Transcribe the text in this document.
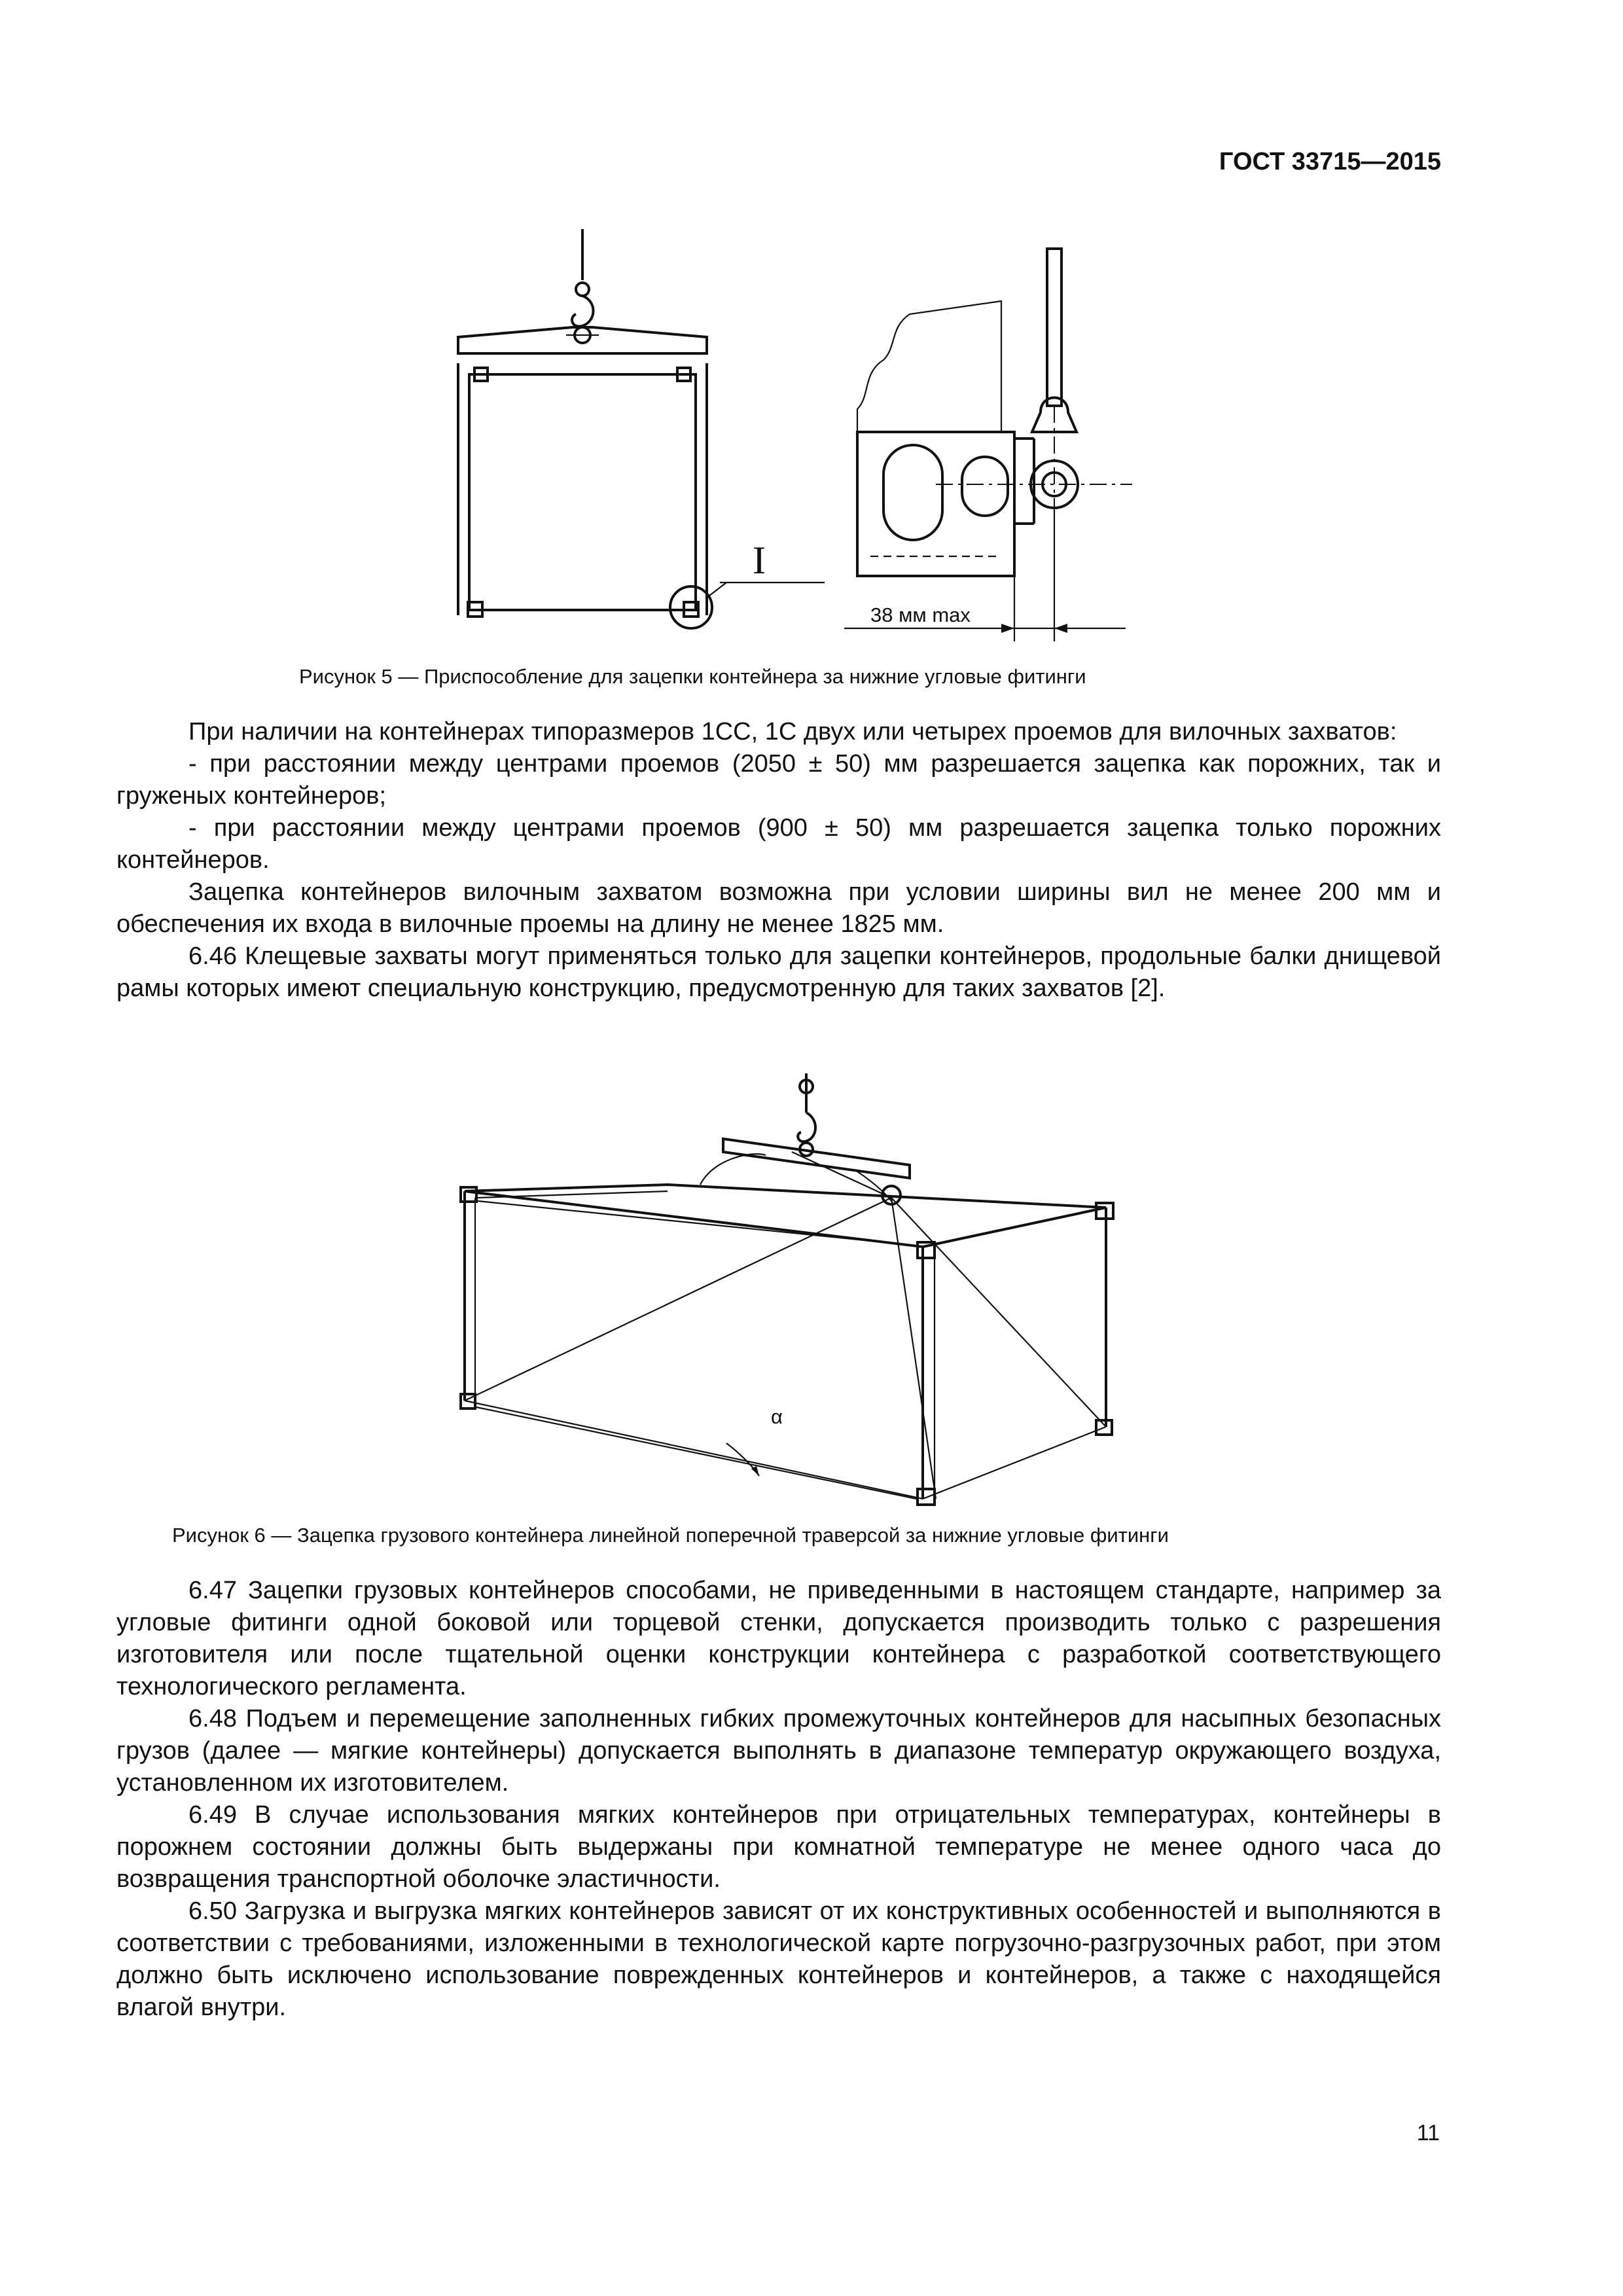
ГОСТ 33715—2015
I
38 мм max
Рисунок 5 — Приспособление для зацепки контейнера за нижние угловые фитинги

При наличии на контейнерах типоразмеров 1СС, 1С двух или четырех проемов для вилочных захватов:

- при расстоянии между центрами проемов (2050 ± 50) мм разрешается зацепка как порожних, так и груженых контейнеров;

- при расстоянии между центрами проемов (900 ± 50) мм разрешается зацепка только порожних контейнеров.

Зацепка контейнеров вилочным захватом возможна при условии ширины вил не менее 200 мм и обеспечения их входа в вилочные проемы на длину не менее 1825 мм.

6.46 Клещевые захваты могут применяться только для зацепки контейнеров, продольные балки днищевой рамы которых имеют специальную конструкцию, предусмотренную для таких захватов [2].

α
Рисунок 6 — Зацепка грузового контейнера линейной поперечной траверсой за нижние угловые фитинги

6.47 Зацепки грузовых контейнеров способами, не приведенными в настоящем стандарте, например за угловые фитинги одной боковой или торцевой стенки, допускается производить только с разрешения изготовителя или после тщательной оценки конструкции контейнера с разработкой соответствующего технологического регламента.

6.48 Подъем и перемещение заполненных гибких промежуточных контейнеров для насыпных безопасных грузов (далее — мягкие контейнеры) допускается выполнять в диапазоне температур окружающего воздуха, установленном их изготовителем.

6.49 В случае использования мягких контейнеров при отрицательных температурах, контейнеры в порожнем состоянии должны быть выдержаны при комнатной температуре не менее одного часа до возвращения транспортной оболочке эластичности.

6.50 Загрузка и выгрузка мягких контейнеров зависят от их конструктивных особенностей и выполняются в соответствии с требованиями, изложенными в технологической карте погрузочно-разгрузочных работ, при этом должно быть исключено использование поврежденных контейнеров и контейнеров, а также с находящейся влагой внутри.

11
